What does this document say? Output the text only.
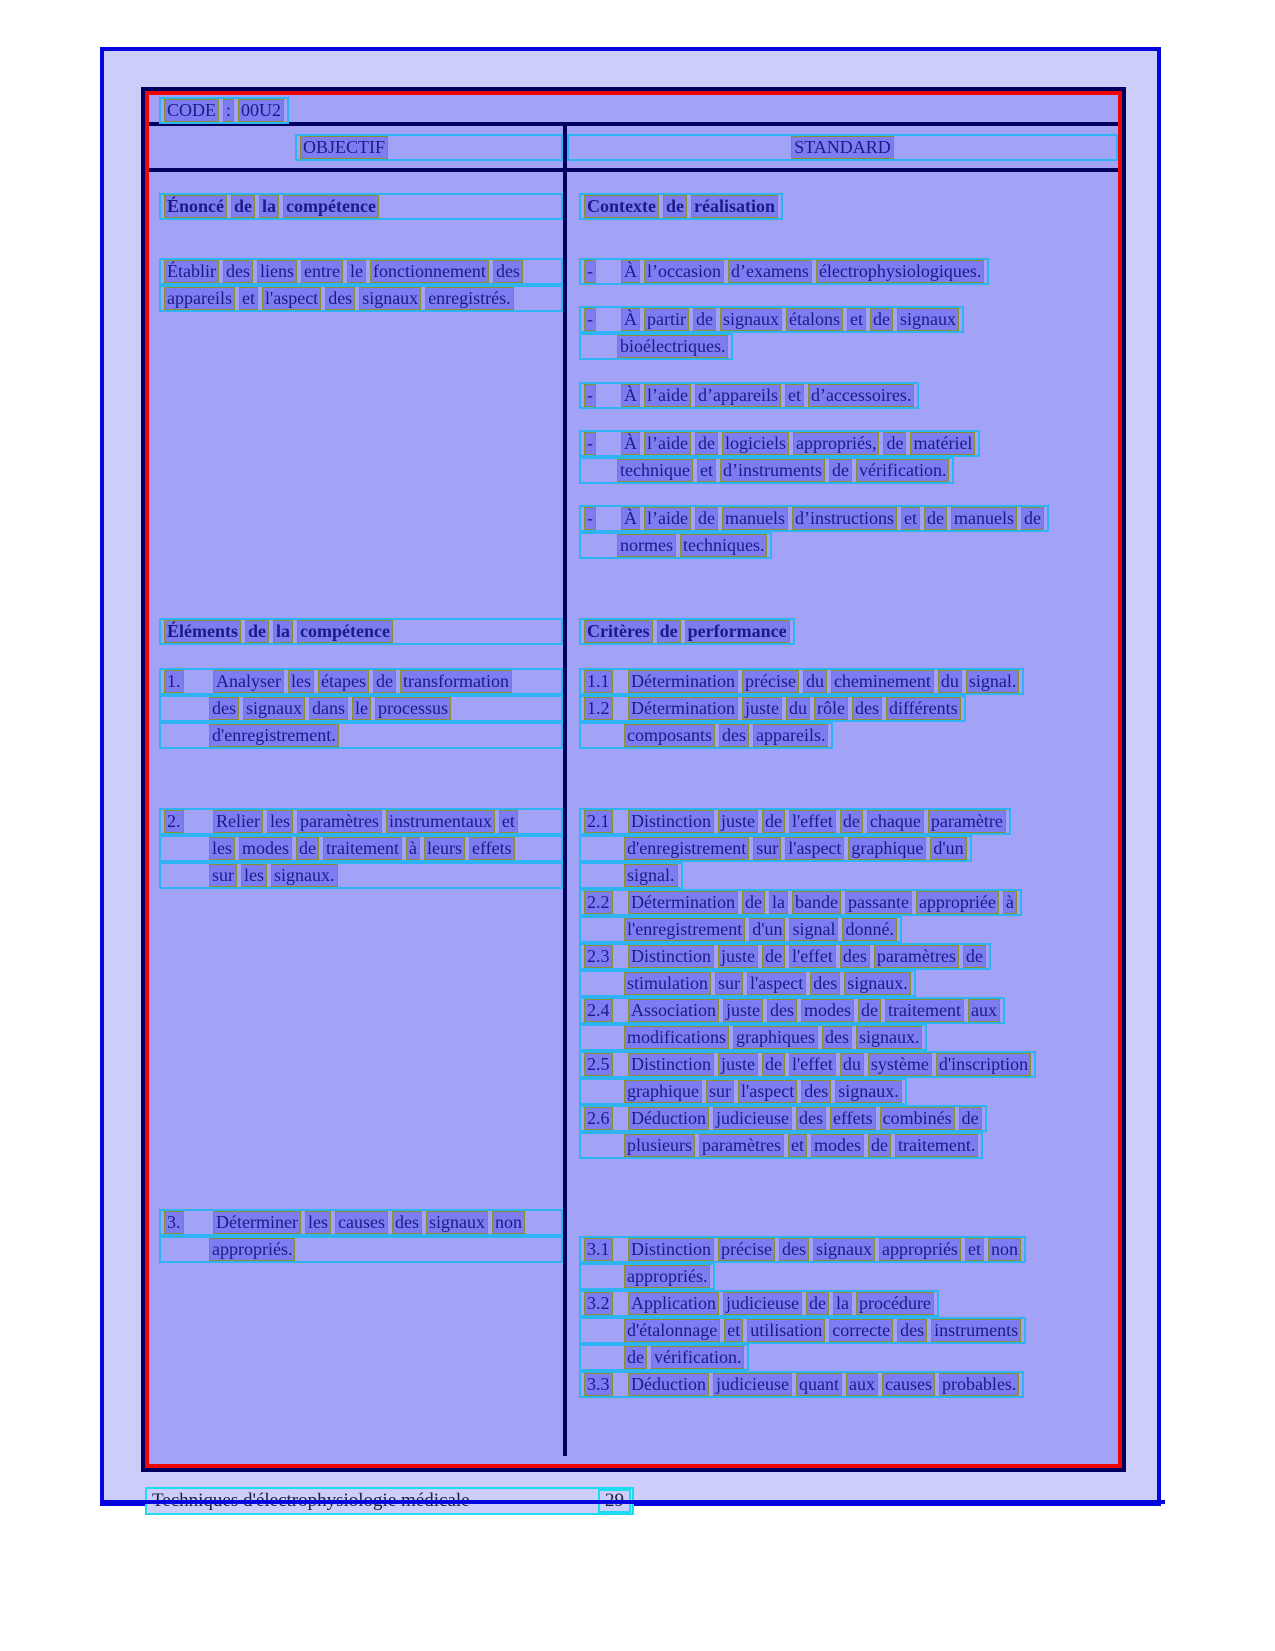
CODE : 00U2
OBJECTIF	STANDARD
Énoncé de la compétence
Établir des liens entre le fonctionnement des
appareils et l'aspect des signaux enregistrés.
Éléments de la compétence
1. Analyser les étapes de transformation
des signaux dans le processus
d'enregistrement.
2. Relier les paramètres instrumentaux et
les modes de traitement à leurs effets
sur les signaux.
3. Déterminer les causes des signaux non
appropriés.
Contexte de réalisation
- À l’occasion d’examens électrophysiologiques.
- À partir de signaux étalons et de signaux
bioélectriques.
- À l’aide d’appareils et d’accessoires.
- À l’aide de logiciels appropriés, de matériel
technique et d’instruments de vérification.
- À l’aide de manuels d’instructions et de manuels de
normes techniques.
Critères de performance
1.1 Détermination précise du cheminement du signal.
1.2 Détermination juste du rôle des différents
composants des appareils.
2.1 Distinction juste de l'effet de chaque paramètre
d'enregistrement sur l'aspect graphique d'un
signal.
2.2 Détermination de la bande passante appropriée à
l'enregistrement d'un signal donné.
2.3 Distinction juste de l'effet des paramètres de
stimulation sur l'aspect des signaux.
2.4 Association juste des modes de traitement aux
modifications graphiques des signaux.
2.5 Distinction juste de l'effet du système d'inscription
graphique sur l'aspect des signaux.
2.6 Déduction judicieuse des effets combinés de
plusieurs paramètres et modes de traitement.
3.1 Distinction précise des signaux appropriés et non
appropriés.
3.2 Application judicieuse de la procédure
d'étalonnage et utilisation correcte des instruments
de vérification.
3.3 Déduction judicieuse quant aux causes probables.
